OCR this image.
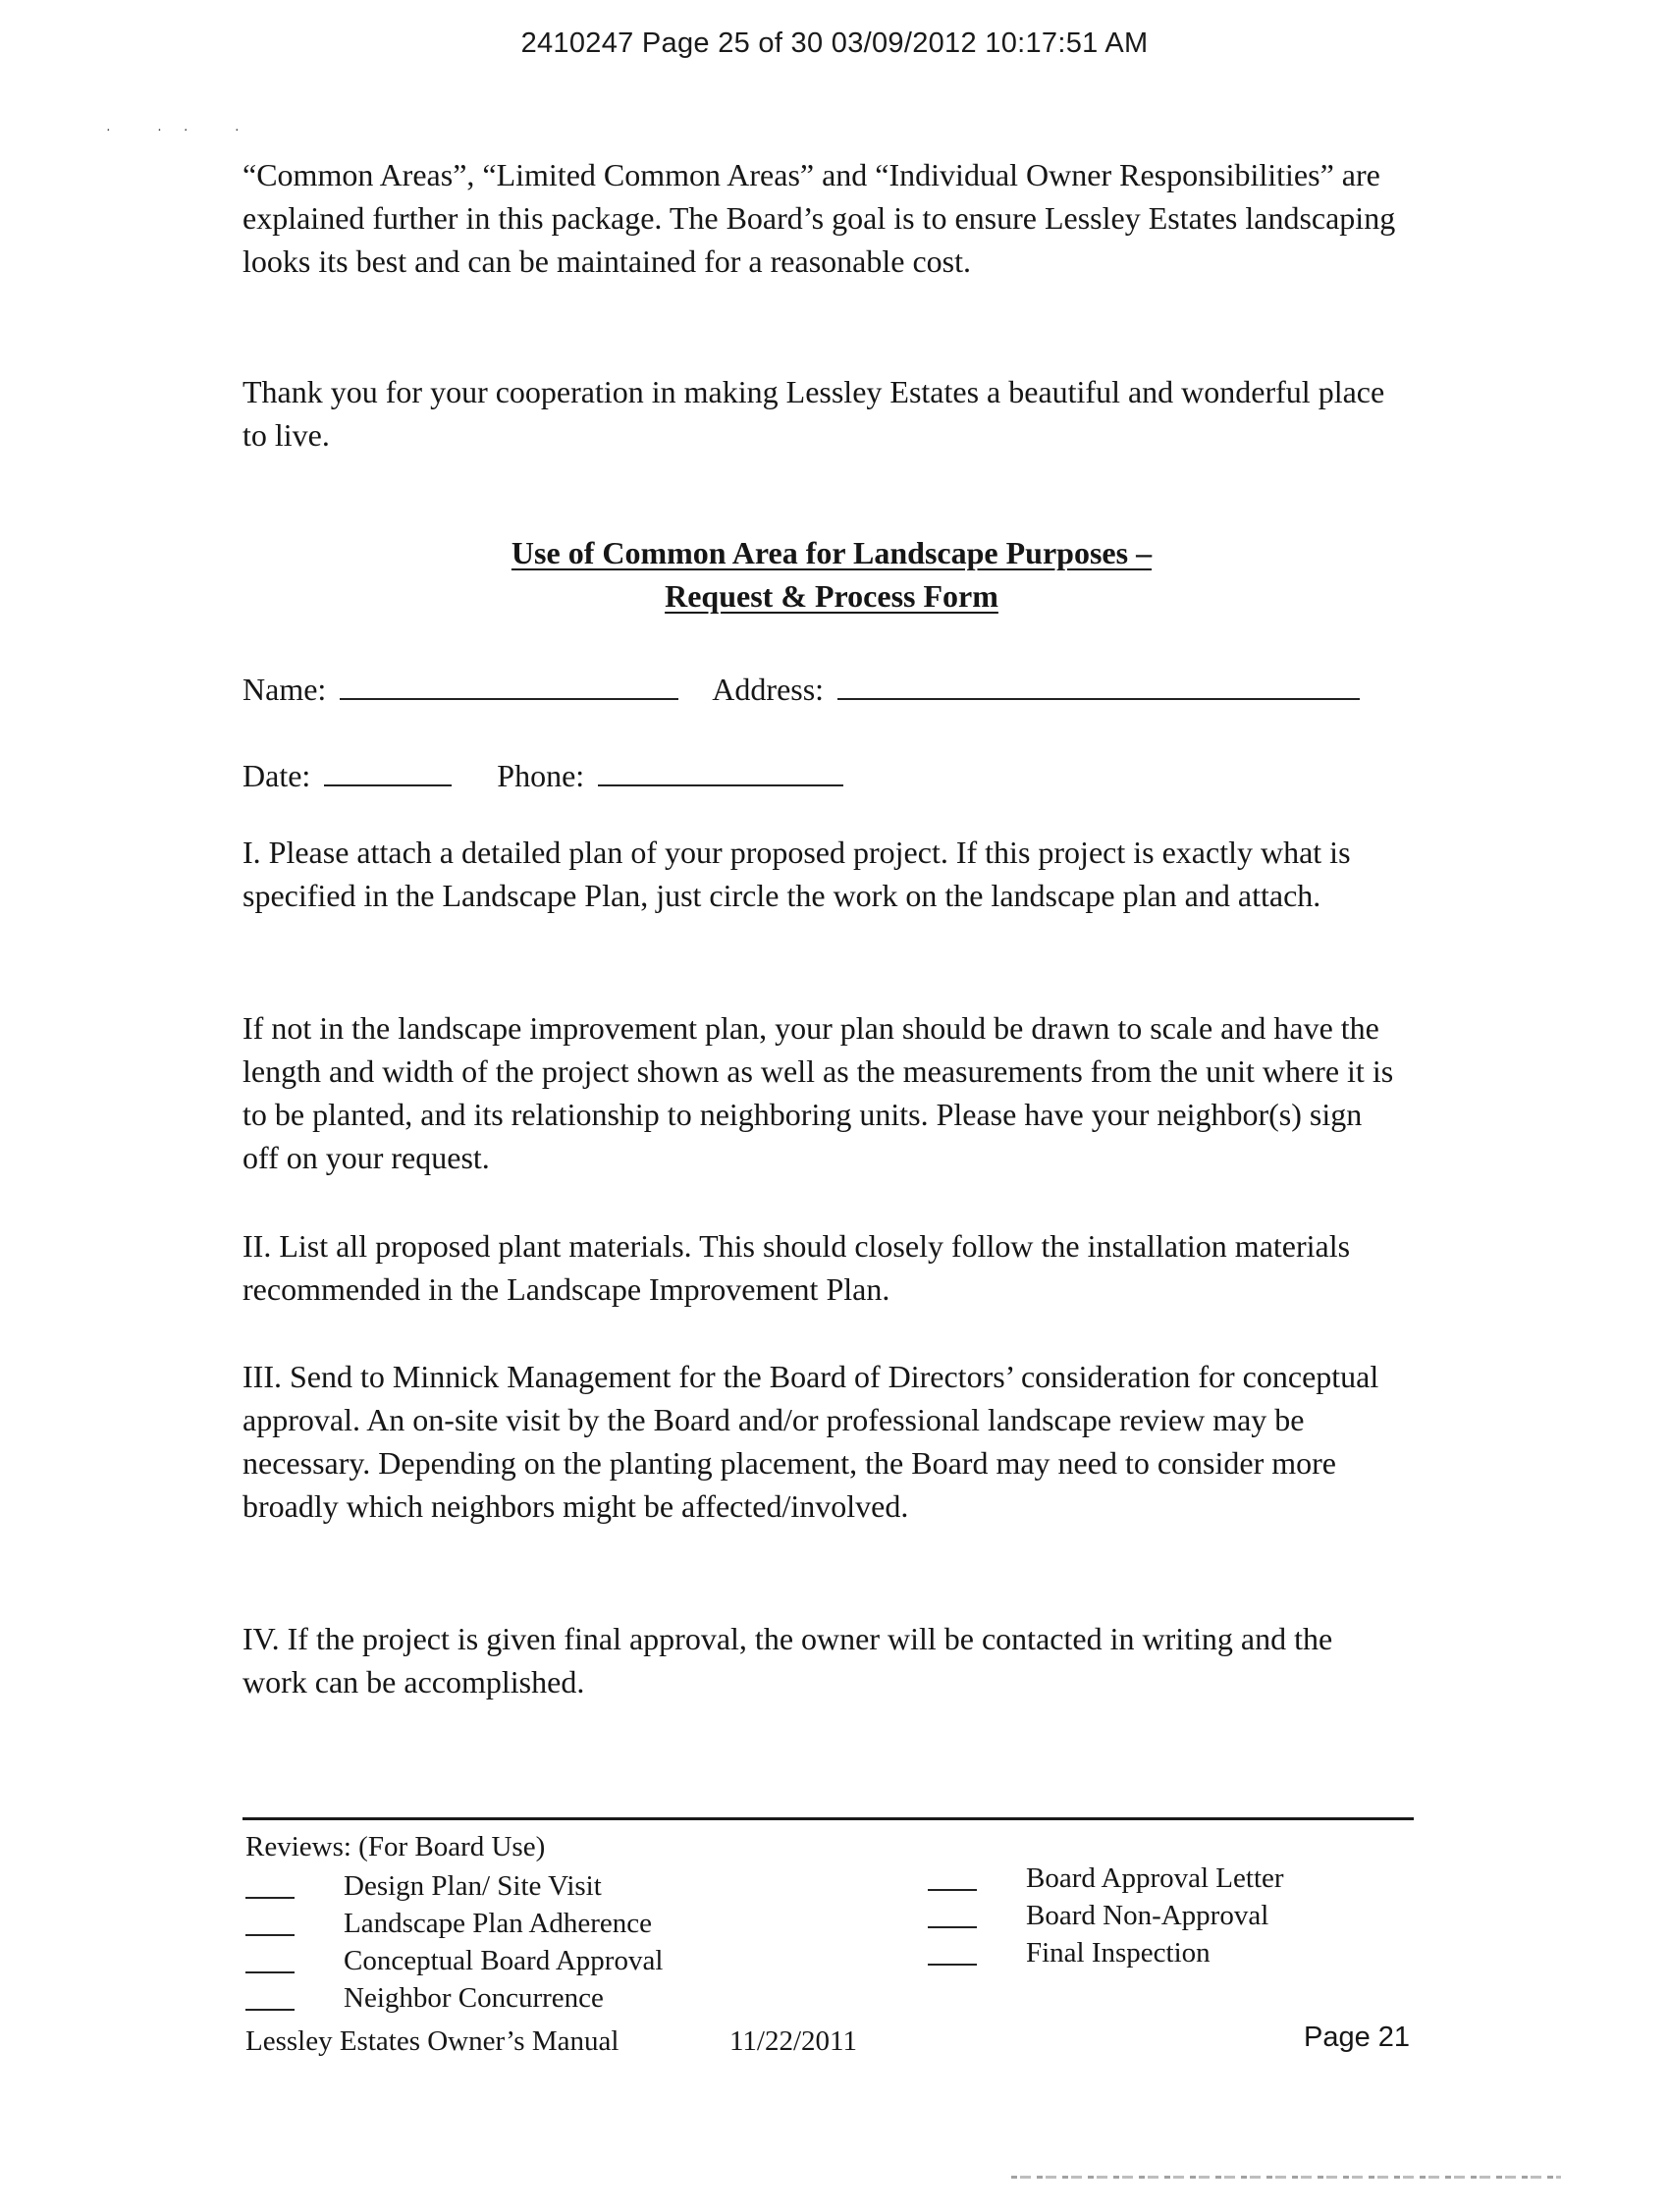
2410247 Page 25 of 30 03/09/2012 10:17:51 AM
· ·· ·

“Common Areas”, “Limited Common Areas” and “Individual Owner Responsibilities” are explained further in this package. The Board’s goal is to ensure Lessley Estates landscaping looks its best and can be maintained for a reasonable cost.

Thank you for your cooperation in making Lessley Estates a beautiful and wonderful place to live.

Use of Common Area for Landscape Purposes –
Request & Process Form
Name:	Address:
Date:	Phone:

I. Please attach a detailed plan of your proposed project. If this project is exactly what is specified in the Landscape Plan, just circle the work on the landscape plan and attach.

If not in the landscape improvement plan, your plan should be drawn to scale and have the length and width of the project shown as well as the measurements from the unit where it is to be planted, and its relationship to neighboring units. Please have your neighbor(s) sign off on your request.

II. List all proposed plant materials. This should closely follow the installation materials recommended in the Landscape Improvement Plan.

III. Send to Minnick Management for the Board of Directors’ consideration for conceptual approval. An on-site visit by the Board and/or professional landscape review may be necessary. Depending on the planting placement, the Board may need to consider more broadly which neighbors might be affected/involved.

IV. If the project is given final approval, the owner will be contacted in writing and the work can be accomplished.

Reviews: (For Board Use)
Design Plan/ Site Visit
Landscape Plan Adherence
Conceptual Board Approval
Neighbor Concurrence
Board Approval Letter
Board Non-Approval
Final Inspection
Lessley Estates Owner’s Manual	11/22/2011	Page 21
